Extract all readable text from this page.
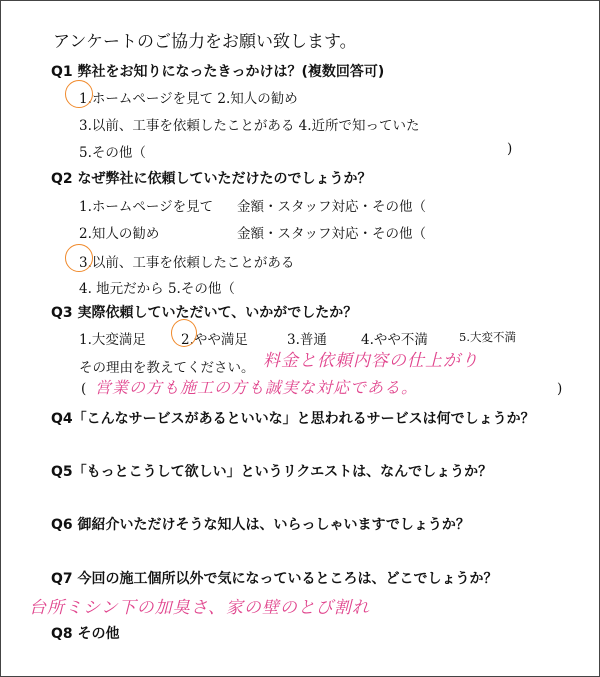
アンケートのご協力をお願い致します。
Q1 弊社をお知りになったきっかけは？(複数回答可)
1.ホームページを見て 2.知人の勧め
3.以前、工事を依頼したことがある 4.近所で知っていた
5.その他（	)
Q2 なぜ弊社に依頼していただけたのでしょうか？
1.ホームページを見て 金額・スタッフ対応・その他（
2.知人の勧め	金額・スタッフ対応・その他（
3.以前、工事を依頼したことがある
4. 地元だから 5.その他（
Q3 実際依頼していただいて、いかがでしたか？
1.大変満足	2.やや満足	3.普通	4.やや不満	5.大変不満
その理由を教えてください。 料金と依頼内容の仕上がり
( 営業の方も施工の方も誠実な対応である。	)
Q4「こんなサービスがあるといいな」と思われるサービスは何でしょうか？
Q5「もっとこうして欲しい」というリクエストは、なんでしょうか？
Q6 御紹介いただけそうな知人は、いらっしゃいますでしょうか？
Q7 今回の施工個所以外で気になっているところは、どこでしょうか？
台所ミシン下の加臭さ、家の壁のとび割れ
Q8 その他
